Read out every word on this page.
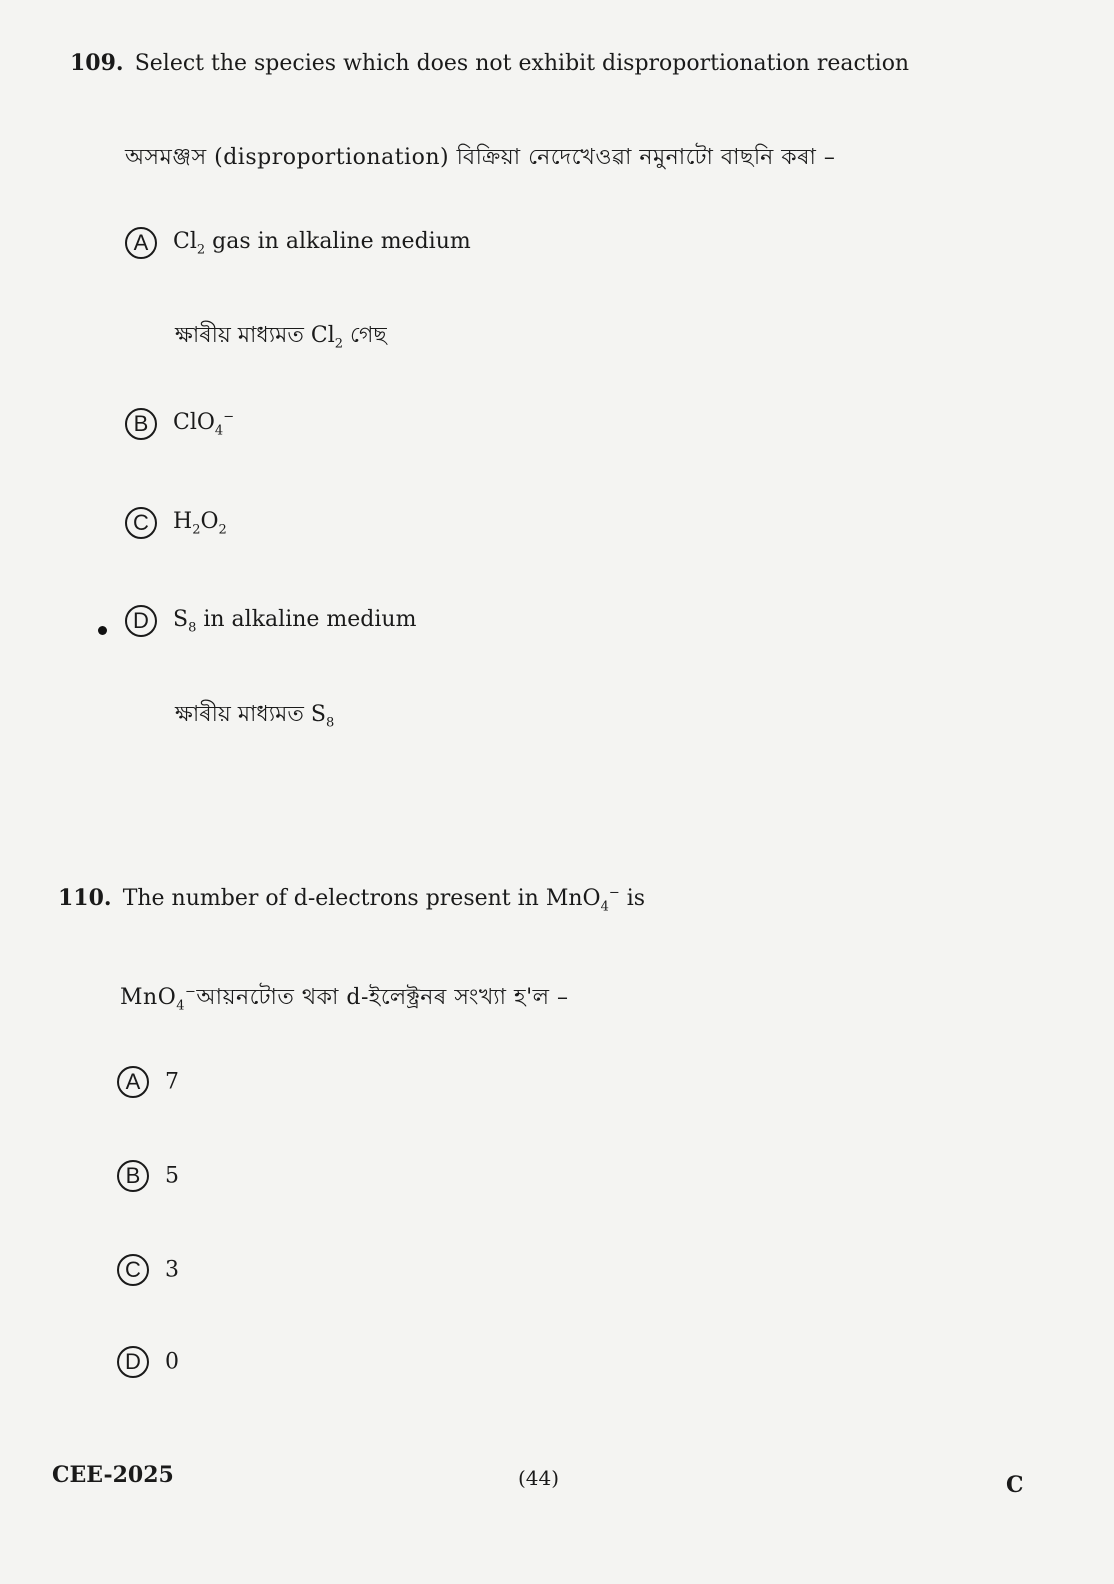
109. Select the species which does not exhibit disproportionation reaction
অসমঞ্জস (disproportionation) বিক্ৰিয়া নেদেখেওৱা নমুনাটো বাছনি কৰা –
A $Cl_2$ gas in alkaline medium
ক্ষাৰীয় মাধ্যমত $Cl_2$ গেছ
B ClO$_4$−
C $H_2O_2$
D $S_8$ in alkaline medium
ক্ষাৰীয় মাধ্যমত $S_8$
110. The number of d-electrons present in MnO$_4$− is
MnO$_4$−আয়নটোত থকা d-ইলেক্ট্ৰনৰ সংখ্যা হ'ল –
A 7
B 5
C 3
D 0
CEE-2025	(44)	C
